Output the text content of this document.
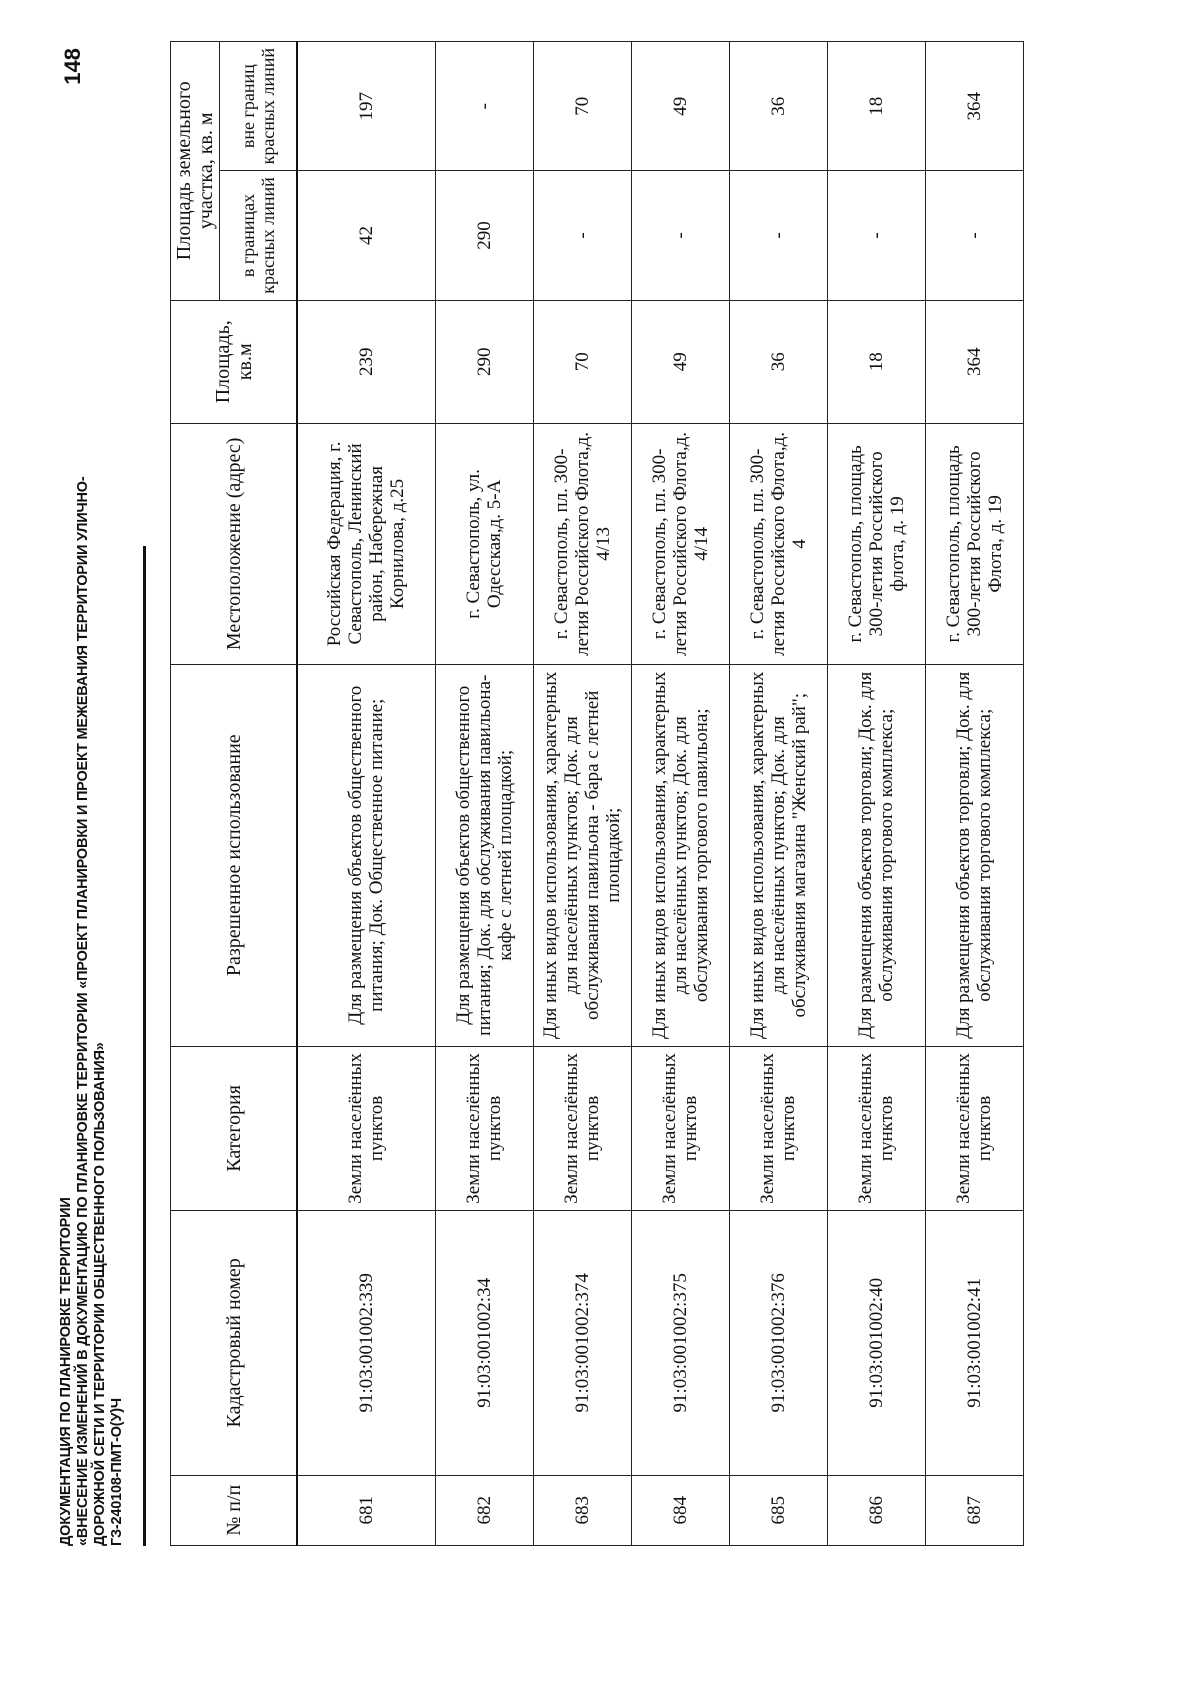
ДОКУМЕНТАЦИЯ ПО ПЛАНИРОВКЕ ТЕРРИТОРИИ «ВНЕСЕНИЕ ИЗМЕНЕНИЙ В ДОКУМЕНТАЦИЮ ПО ПЛАНИРОВКЕ ТЕРРИТОРИИ «ПРОЕКТ ПЛАНИРОВКИ И ПРОЕКТ МЕЖЕВАНИЯ ТЕРРИТОРИИ УЛИЧНО- ДОРОЖНОЙ СЕТИ И ТЕРРИТОРИИ ОБЩЕСТВЕННОГО ПОЛЬЗОВАНИЯ» ГЗ-240108-ПМТ-О(У)Ч
148
№ п/п	Кадастровый номер	Категория	Разрешенное использование	Местоположение (адрес)	Площадь, кв.м	Площадь земельного участка, кв. м	
						в границах красных линий	вне границ красных линий
681	91:03:001002:339	Земли населённых пунктов	Для размещения объектов общественного питания; Док. Общественное питание;	Российская Федерация, г. Севастополь, Ленинский район, Набережная Корнилова, д.25	239	42	197
682	91:03:001002:34	Земли населённых пунктов	Для размещения объектов общественного питания; Док. для обслуживания павильона-кафе с летней площадкой;	г. Севастополь, ул. Одесская,д. 5-А	290	290	-
683	91:03:001002:374	Земли населённых пунктов	Для иных видов использования, характерных для населённых пунктов; Док. для обслуживания павильона - бара с летней площадкой;	г. Севастополь, пл. 300-летия Российского Флота,д. 4/13	70	-	70
684	91:03:001002:375	Земли населённых пунктов	Для иных видов использования, характерных для населённых пунктов; Док. для обслуживания торгового павильона;	г. Севастополь, пл. 300-летия Российского Флота,д. 4/14	49	-	49
685	91:03:001002:376	Земли населённых пунктов	Для иных видов использования, характерных для населённых пунктов; Док. для обслуживания магазина "Женский рай";	г. Севастополь, пл. 300-летия Российского Флота,д. 4	36	-	36
686	91:03:001002:40	Земли населённых пунктов	Для размещения объектов торговли; Док. для обслуживания торгового комплекса;	г. Севастополь, площадь 300-летия Российского флота, д. 19	18	-	18
687	91:03:001002:41	Земли населённых пунктов	Для размещения объектов торговли; Док. для обслуживания торгового комплекса;	г. Севастополь, площадь 300-летия Российского Флота, д. 19	364	-	364
